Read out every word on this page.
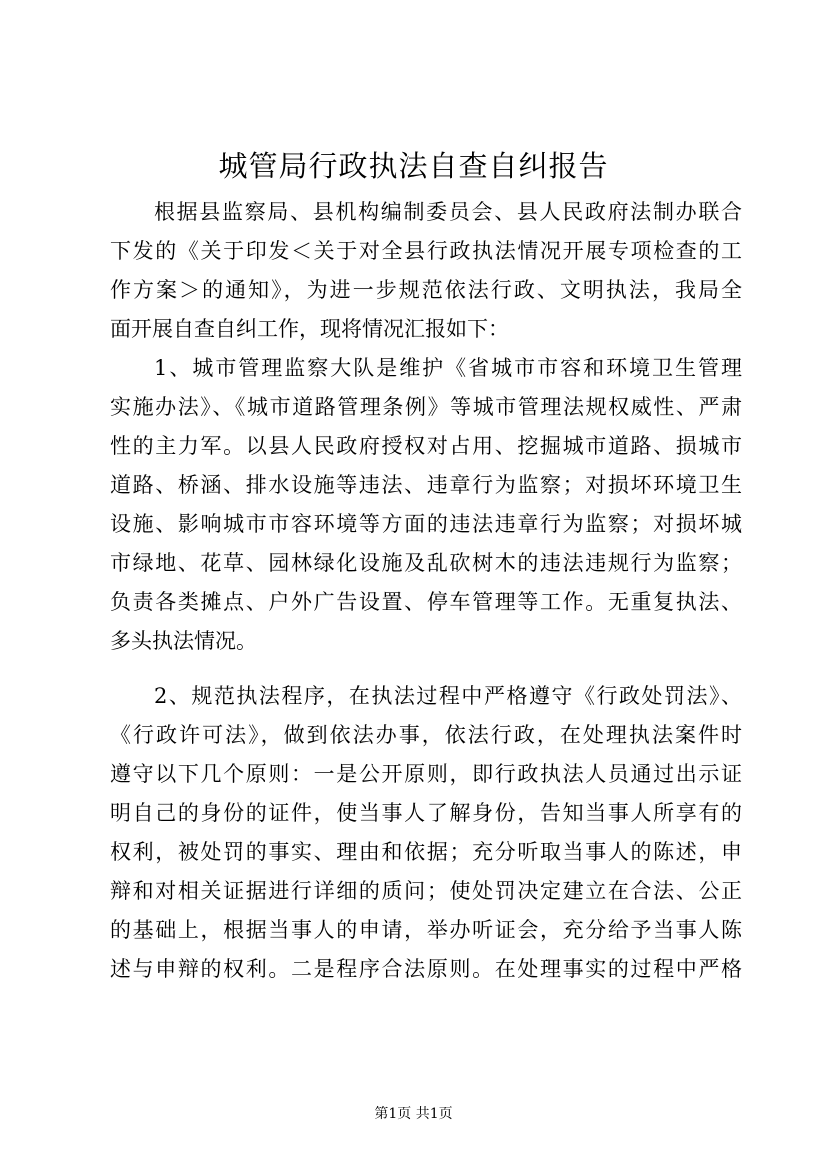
城管局行政执法自查自纠报告
根据县监察局、县机构编制委员会、县人民政府法制办联合
下发的《关于印发＜关于对全县行政执法情况开展专项检查的工
作方案＞的通知》，为进一步规范依法行政、文明执法，我局全
面开展自查自纠工作，现将情况汇报如下：
1、城市管理监察大队是维护《省城市市容和环境卫生管理
实施办法》、《城市道路管理条例》等城市管理法规权威性、严肃
性的主力军。以县人民政府授权对占用、挖掘城市道路、损城市
道路、桥涵、排水设施等违法、违章行为监察；对损坏环境卫生
设施、影响城市市容环境等方面的违法违章行为监察；对损坏城
市绿地、花草、园林绿化设施及乱砍树木的违法违规行为监察；
负责各类摊点、户外广告设置、停车管理等工作。无重复执法、
多头执法情况。
2、规范执法程序，在执法过程中严格遵守《行政处罚法》、
《行政许可法》，做到依法办事，依法行政，在处理执法案件时
遵守以下几个原则：一是公开原则，即行政执法人员通过出示证
明自己的身份的证件，使当事人了解身份，告知当事人所享有的
权利，被处罚的事实、理由和依据；充分听取当事人的陈述，申
辩和对相关证据进行详细的质问；使处罚决定建立在合法、公正
的基础上，根据当事人的申请，举办听证会，充分给予当事人陈
述与申辩的权利。二是程序合法原则。在处理事实的过程中严格
第1页 共1页
